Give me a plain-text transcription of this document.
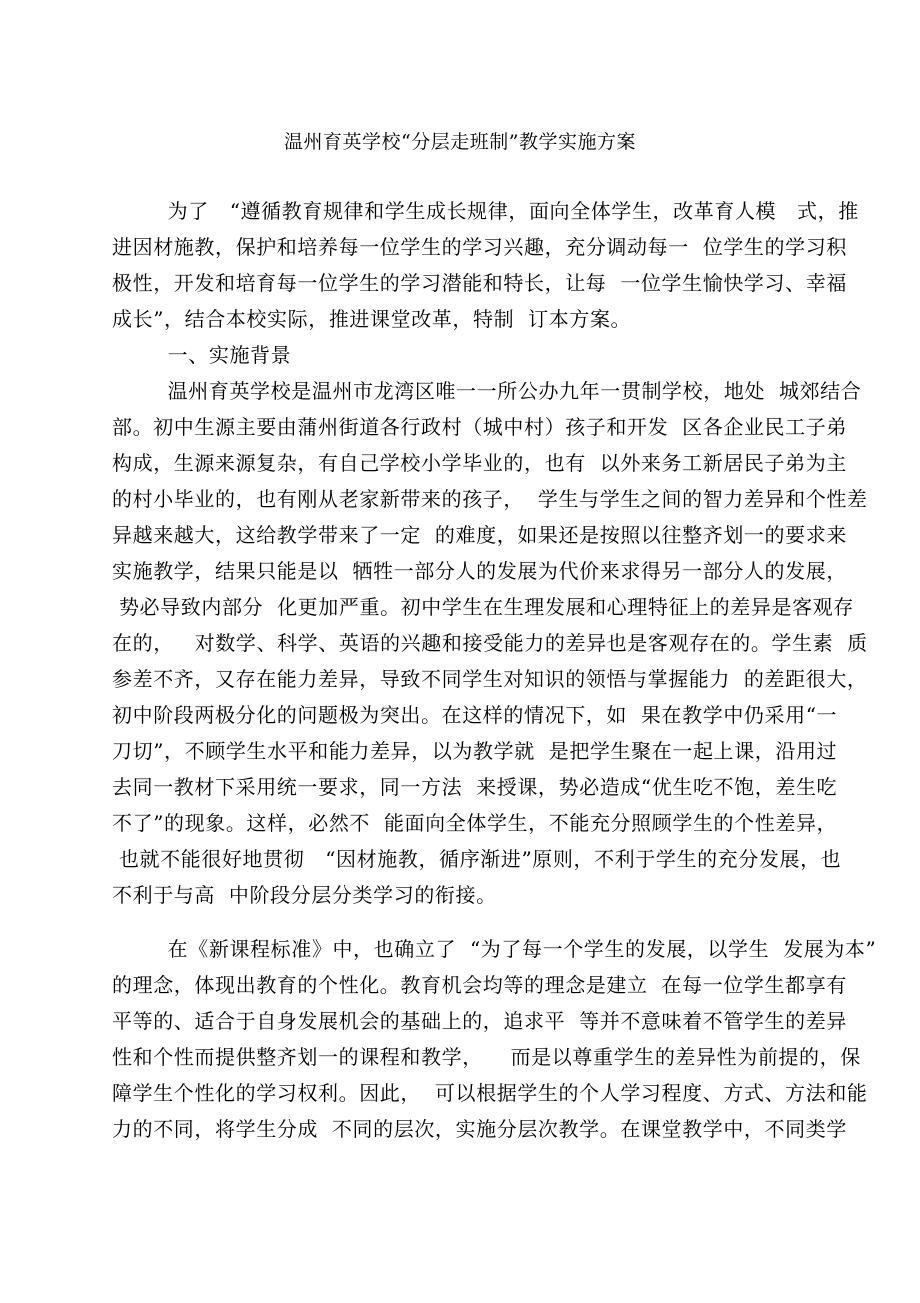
温州育英学校“分层走班制”教学实施方案
为了   “遵循教育规律和学生成长规律，面向全体学生，改革育人模   式，推
进因材施教，保护和培养每一位学生的学习兴趣，充分调动每一  位学生的学习积
极性，开发和培育每一位学生的学习潜能和特长，让每  一位学生愉快学习、幸福
成长”，结合本校实际，推进课堂改革，特制  订本方案。
一、实施背景
温州育英学校是温州市龙湾区唯一一所公办九年一贯制学校，地处  城郊结合
部。初中生源主要由蒲州街道各行政村（城中村）孩子和开发  区各企业民工子弟
构成，生源来源复杂，有自己学校小学毕业的，也有  以外来务工新居民子弟为主
的村小毕业的，也有刚从老家新带来的孩子，  学生与学生之间的智力差异和个性差
异越来越大，这给教学带来了一定  的难度，如果还是按照以往整齐划一的要求来
实施教学，结果只能是以  牺牲一部分人的发展为代价来求得另一部分人的发展，
势必导致内部分  化更加严重。初中学生在生理发展和心理特征上的差异是客观存
在的，   对数学、科学、英语的兴趣和接受能力的差异也是客观存在的。学生素  质
参差不齐，又存在能力差异，导致不同学生对知识的领悟与掌握能力  的差距很大，
初中阶段两极分化的问题极为突出。在这样的情况下，如  果在教学中仍采用“一
刀切”，不顾学生水平和能力差异，以为教学就  是把学生聚在一起上课，沿用过
去同一教材下采用统一要求，同一方法  来授课，势必造成“优生吃不饱，差生吃
不了”的现象。这样，必然不  能面向全体学生，不能充分照顾学生的个性差异，
也就不能很好地贯彻   “因材施教，循序渐进”原则，不利于学生的充分发展，也
不利于与高  中阶段分层分类学习的衔接。
在《新课程标准》中，也确立了  “为了每一个学生的发展，以学生  发展为本”
的理念，体现出教育的个性化。教育机会均等的理念是建立  在每一位学生都享有
平等的、适合于自身发展机会的基础上的，追求平  等并不意味着不管学生的差异
性和个性而提供整齐划一的课程和教学，    而是以尊重学生的差异性为前提的，保
障学生个性化的学习权利。因此，  可以根据学生的个人学习程度、方式、方法和能
力的不同，将学生分成  不同的层次，实施分层次教学。在课堂教学中，不同类学
